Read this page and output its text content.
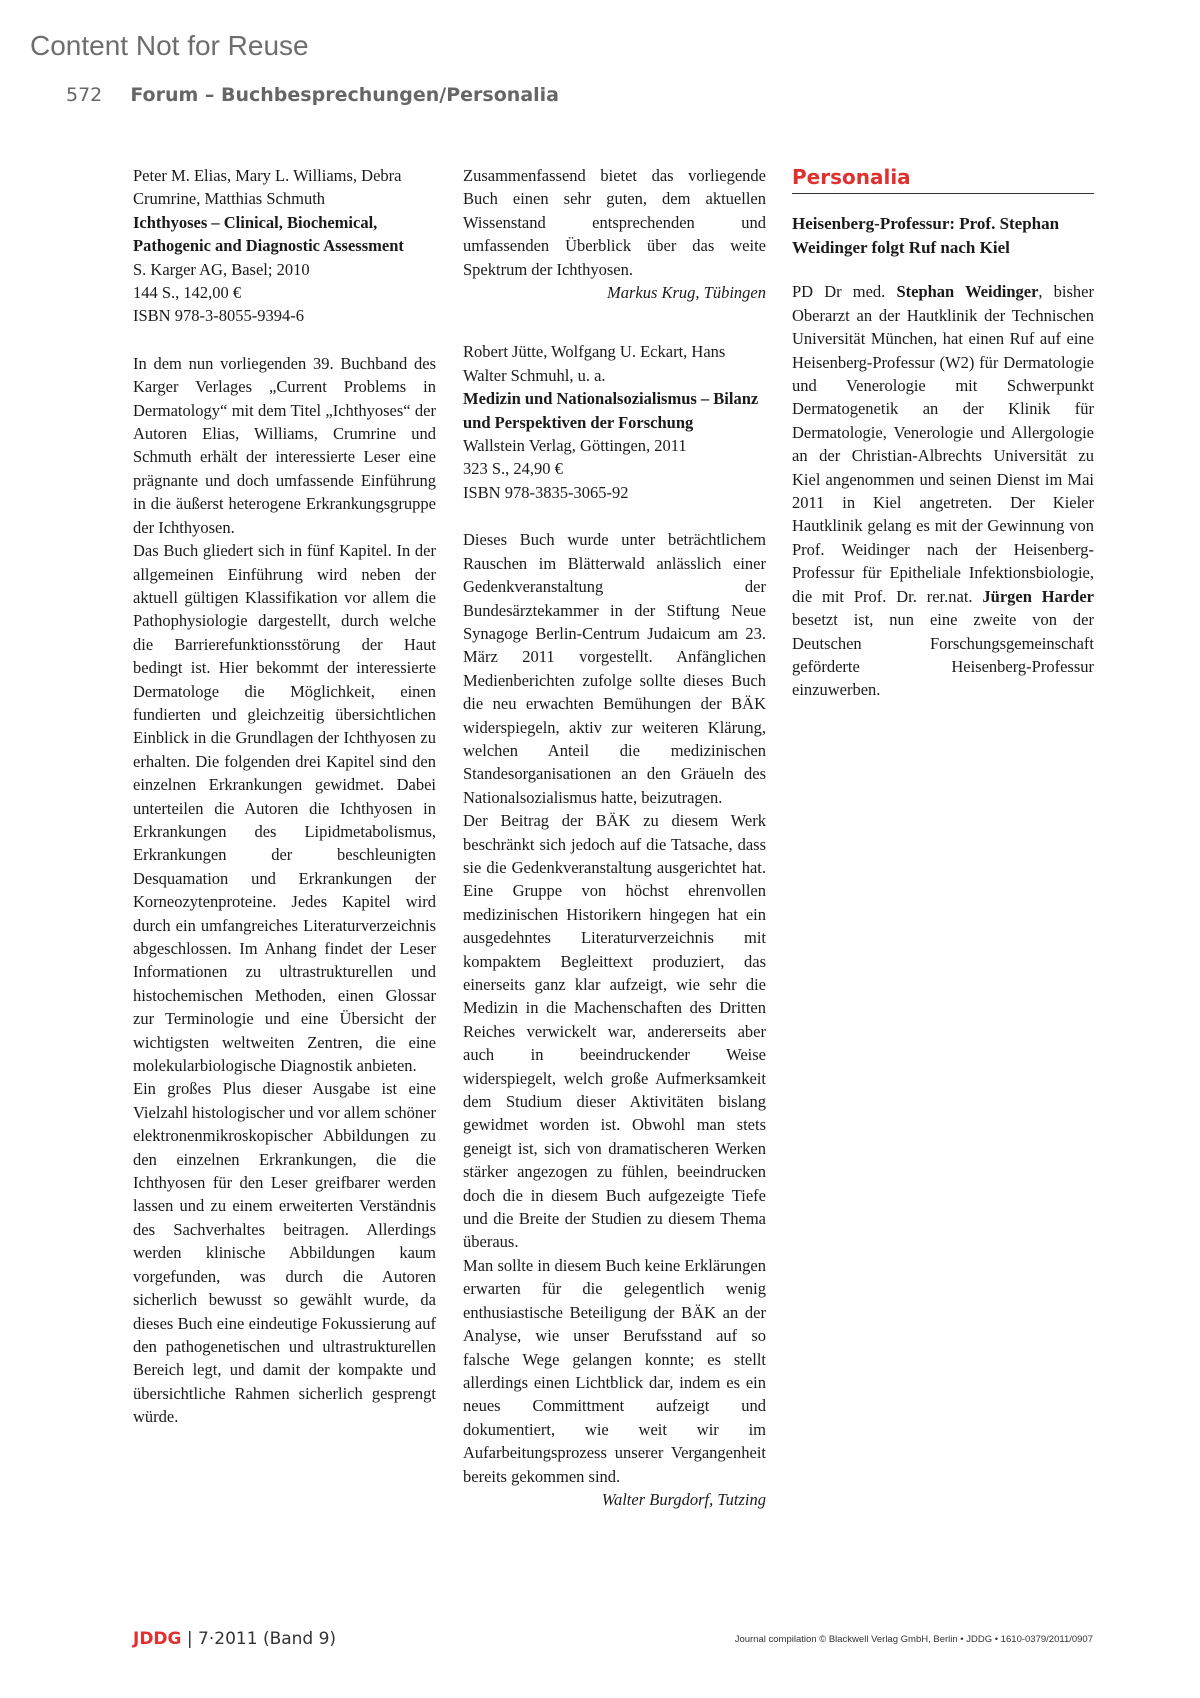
Content Not for Reuse
572 Forum – Buchbesprechungen/Personalia

Peter M. Elias, Mary L. Williams, Debra Crumrine, Matthias Schmuth

Ichthyoses – Clinical, Biochemical, Pathogenic and Diagnostic Assessment

S. Karger AG, Basel; 2010

144 S., 142,00 €

ISBN 978-3-8055-9394-6

In dem nun vorliegenden 39. Buchband des Karger Verlages „Current Problems in Dermatology“ mit dem Titel „Ichthyoses“ der Autoren Elias, Williams, Crumrine und Schmuth erhält der interessierte Leser eine prägnante und doch umfassende Einführung in die äußerst heterogene Erkrankungsgruppe der Ichthyosen.

Das Buch gliedert sich in fünf Kapitel. In der allgemeinen Einführung wird neben der aktuell gültigen Klassifikation vor allem die Pathophysiologie dargestellt, durch welche die Barrierefunktionsstörung der Haut bedingt ist. Hier bekommt der interessierte Dermatologe die Möglichkeit, einen fundierten und gleichzeitig übersichtlichen Einblick in die Grundlagen der Ichthyosen zu erhalten. Die folgenden drei Kapitel sind den einzelnen Erkrankungen gewidmet. Dabei unterteilen die Autoren die Ichthyosen in Erkrankungen des Lipidmetabolismus, Erkrankungen der beschleunigten Desquamation und Erkrankungen der Korneozytenproteine. Jedes Kapitel wird durch ein umfangreiches Literaturverzeichnis abgeschlossen. Im Anhang findet der Leser Informationen zu ultrastrukturellen und histochemischen Methoden, einen Glossar zur Terminologie und eine Übersicht der wichtigsten weltweiten Zentren, die eine molekularbiologische Diagnostik anbieten.

Ein großes Plus dieser Ausgabe ist eine Vielzahl histologischer und vor allem schöner elektronenmikroskopischer Abbildungen zu den einzelnen Erkrankungen, die die Ichthyosen für den Leser greifbarer werden lassen und zu einem erweiterten Verständnis des Sachverhaltes beitragen. Allerdings werden klinische Abbildungen kaum vorgefunden, was durch die Autoren sicherlich bewusst so gewählt wurde, da dieses Buch eine eindeutige Fokussierung auf den pathogenetischen und ultrastrukturellen Bereich legt, und damit der kompakte und übersichtliche Rahmen sicherlich gesprengt würde.

Zusammenfassend bietet das vorliegende Buch einen sehr guten, dem aktuellen Wissenstand entsprechenden und umfassenden Überblick über das weite Spektrum der Ichthyosen.

Markus Krug, Tübingen

Robert Jütte, Wolfgang U. Eckart, Hans Walter Schmuhl, u. a.

Medizin und Nationalsozialismus – Bilanz und Perspektiven der Forschung

Wallstein Verlag, Göttingen, 2011

323 S., 24,90 €

ISBN 978-3835-3065-92

Dieses Buch wurde unter beträchtlichem Rauschen im Blätterwald anlässlich einer Gedenkveranstaltung der Bundesärztekammer in der Stiftung Neue Synagoge Berlin-Centrum Judaicum am 23. März 2011 vorgestellt. Anfänglichen Medienberichten zufolge sollte dieses Buch die neu erwachten Bemühungen der BÄK widerspiegeln, aktiv zur weiteren Klärung, welchen Anteil die medizinischen Standesorganisationen an den Gräueln des Nationalsozialismus hatte, beizutragen.

Der Beitrag der BÄK zu diesem Werk beschränkt sich jedoch auf die Tatsache, dass sie die Gedenkveranstaltung ausgerichtet hat. Eine Gruppe von höchst ehrenvollen medizinischen Historikern hingegen hat ein ausgedehntes Literaturverzeichnis mit kompaktem Begleittext produziert, das einerseits ganz klar aufzeigt, wie sehr die Medizin in die Machenschaften des Dritten Reiches verwickelt war, andererseits aber auch in beeindruckender Weise widerspiegelt, welch große Aufmerksamkeit dem Studium dieser Aktivitäten bislang gewidmet worden ist. Obwohl man stets geneigt ist, sich von dramatischeren Werken stärker angezogen zu fühlen, beeindrucken doch die in diesem Buch aufgezeigte Tiefe und die Breite der Studien zu diesem Thema überaus.

Man sollte in diesem Buch keine Erklärungen erwarten für die gelegentlich wenig enthusiastische Beteiligung der BÄK an der Analyse, wie unser Berufsstand auf so falsche Wege gelangen konnte; es stellt allerdings einen Lichtblick dar, indem es ein neues Committment aufzeigt und dokumentiert, wie weit wir im Aufarbeitungsprozess unserer Vergangenheit bereits gekommen sind.

Walter Burgdorf, Tutzing

Personalia

Heisenberg-Professur: Prof. Stephan Weidinger folgt Ruf nach Kiel

PD Dr med. Stephan Weidinger, bisher Oberarzt an der Hautklinik der Technischen Universität München, hat einen Ruf auf eine Heisenberg-Professur (W2) für Dermatologie und Venerologie mit Schwerpunkt Dermatogenetik an der Klinik für Dermatologie, Venerologie und Allergologie an der Christian-Albrechts Universität zu Kiel angenommen und seinen Dienst im Mai 2011 in Kiel angetreten. Der Kieler Hautklinik gelang es mit der Gewinnung von Prof. Weidinger nach der Heisenberg-Professur für Epitheliale Infektionsbiologie, die mit Prof. Dr. rer.nat. Jürgen Harder besetzt ist, nun eine zweite von der Deutschen Forschungsgemeinschaft geförderte Heisenberg-Professur einzuwerben.

JDDG | 7·2011 (Band 9)	Journal compilation © Blackwell Verlag GmbH, Berlin • JDDG • 1610-0379/2011/0907
